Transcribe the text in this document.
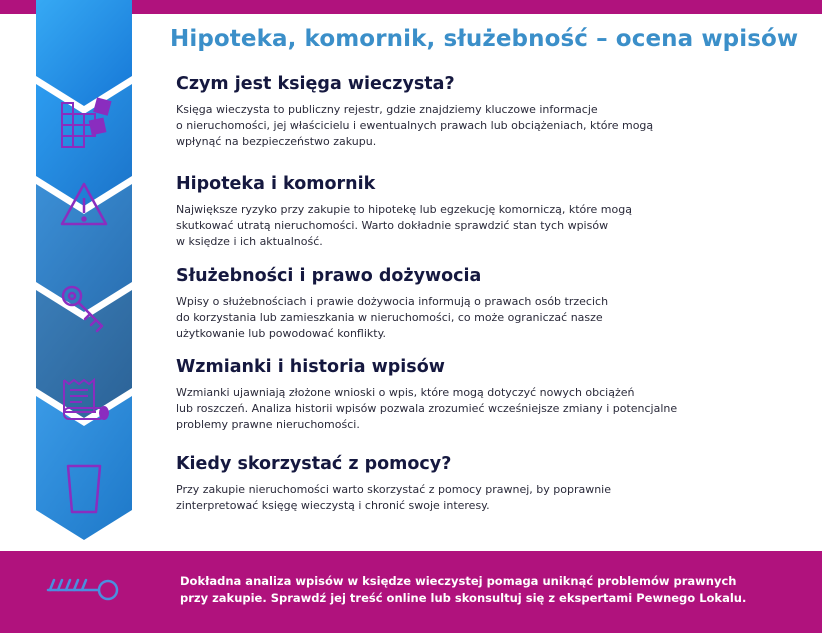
Hipoteka, komornik, służebność – ocena wpisów
Czym jest księga wieczysta?

Księga wieczysta to publiczny rejestr, gdzie znajdziemy kluczowe informacje
o nieruchomości, jej właścicielu i ewentualnych prawach lub obciążeniach, które mogą
wpłynąć na bezpieczeństwo zakupu.

Hipoteka i komornik

Największe ryzyko przy zakupie to hipotekę lub egzekucję komorniczą, które mogą
skutkować utratą nieruchomości. Warto dokładnie sprawdzić stan tych wpisów
w księdze i ich aktualność.

Służebności i prawo dożywocia

Wpisy o służebnościach i prawie dożywocia informują o prawach osób trzecich
do korzystania lub zamieszkania w nieruchomości, co może ograniczać nasze
użytkowanie lub powodować konflikty.

Wzmianki i historia wpisów

Wzmianki ujawniają złożone wnioski o wpis, które mogą dotyczyć nowych obciążeń
lub roszczeń. Analiza historii wpisów pozwala zrozumieć wcześniejsze zmiany i potencjalne
problemy prawne nieruchomości.

Kiedy skorzystać z pomocy?

Przy zakupie nieruchomości warto skorzystać z pomocy prawnej, by poprawnie
zinterpretować księgę wieczystą i chronić swoje interesy.

Dokładna analiza wpisów w księdze wieczystej pomaga uniknąć problemów prawnych
przy zakupie. Sprawdź jej treść online lub skonsultuj się z ekspertami Pewnego Lokalu.
